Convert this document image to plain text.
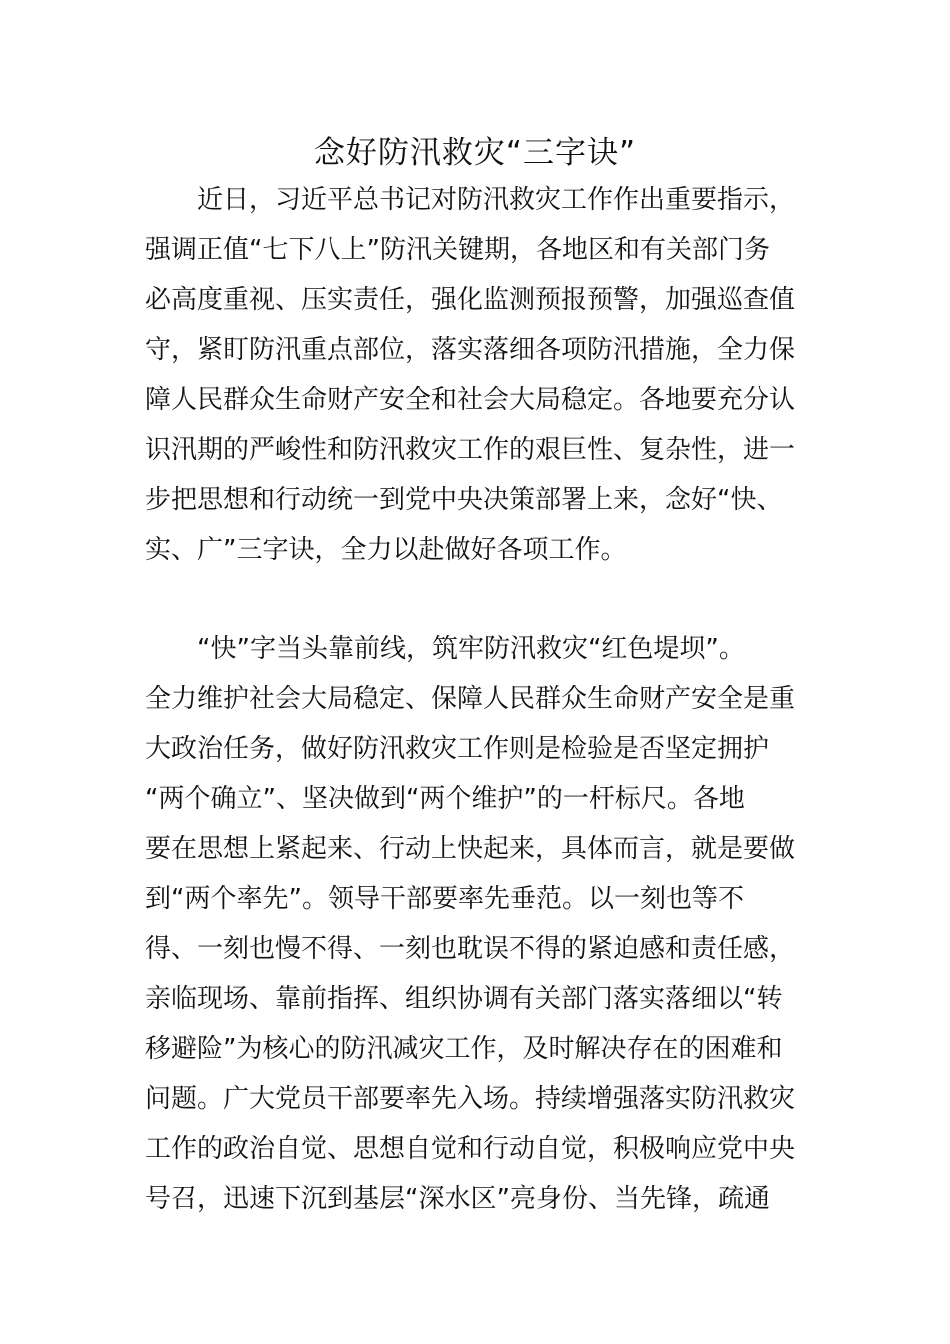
念好防汛救灾“三字诀”

　　近日，习近平总书记对防汛救灾工作作出重要指示，

强调正值“七下八上”防汛关键期，各地区和有关部门务

必高度重视、压实责任，强化监测预报预警，加强巡查值

守，紧盯防汛重点部位，落实落细各项防汛措施，全力保

障人民群众生命财产安全和社会大局稳定。各地要充分认

识汛期的严峻性和防汛救灾工作的艰巨性、复杂性，进一

步把思想和行动统一到党中央决策部署上来，念好“快、

实、广”三字诀，全力以赴做好各项工作。

　　“快”字当头靠前线，筑牢防汛救灾“红色堤坝”。

全力维护社会大局稳定、保障人民群众生命财产安全是重

大政治任务，做好防汛救灾工作则是检验是否坚定拥护

“两个确立”、坚决做到“两个维护”的一杆标尺。各地

要在思想上紧起来、行动上快起来，具体而言，就是要做

到“两个率先”。领导干部要率先垂范。以一刻也等不

得、一刻也慢不得、一刻也耽误不得的紧迫感和责任感，

亲临现场、靠前指挥、组织协调有关部门落实落细以“转

移避险”为核心的防汛减灾工作，及时解决存在的困难和

问题。广大党员干部要率先入场。持续增强落实防汛救灾

工作的政治自觉、思想自觉和行动自觉，积极响应党中央

号召，迅速下沉到基层“深水区”亮身份、当先锋，疏通
